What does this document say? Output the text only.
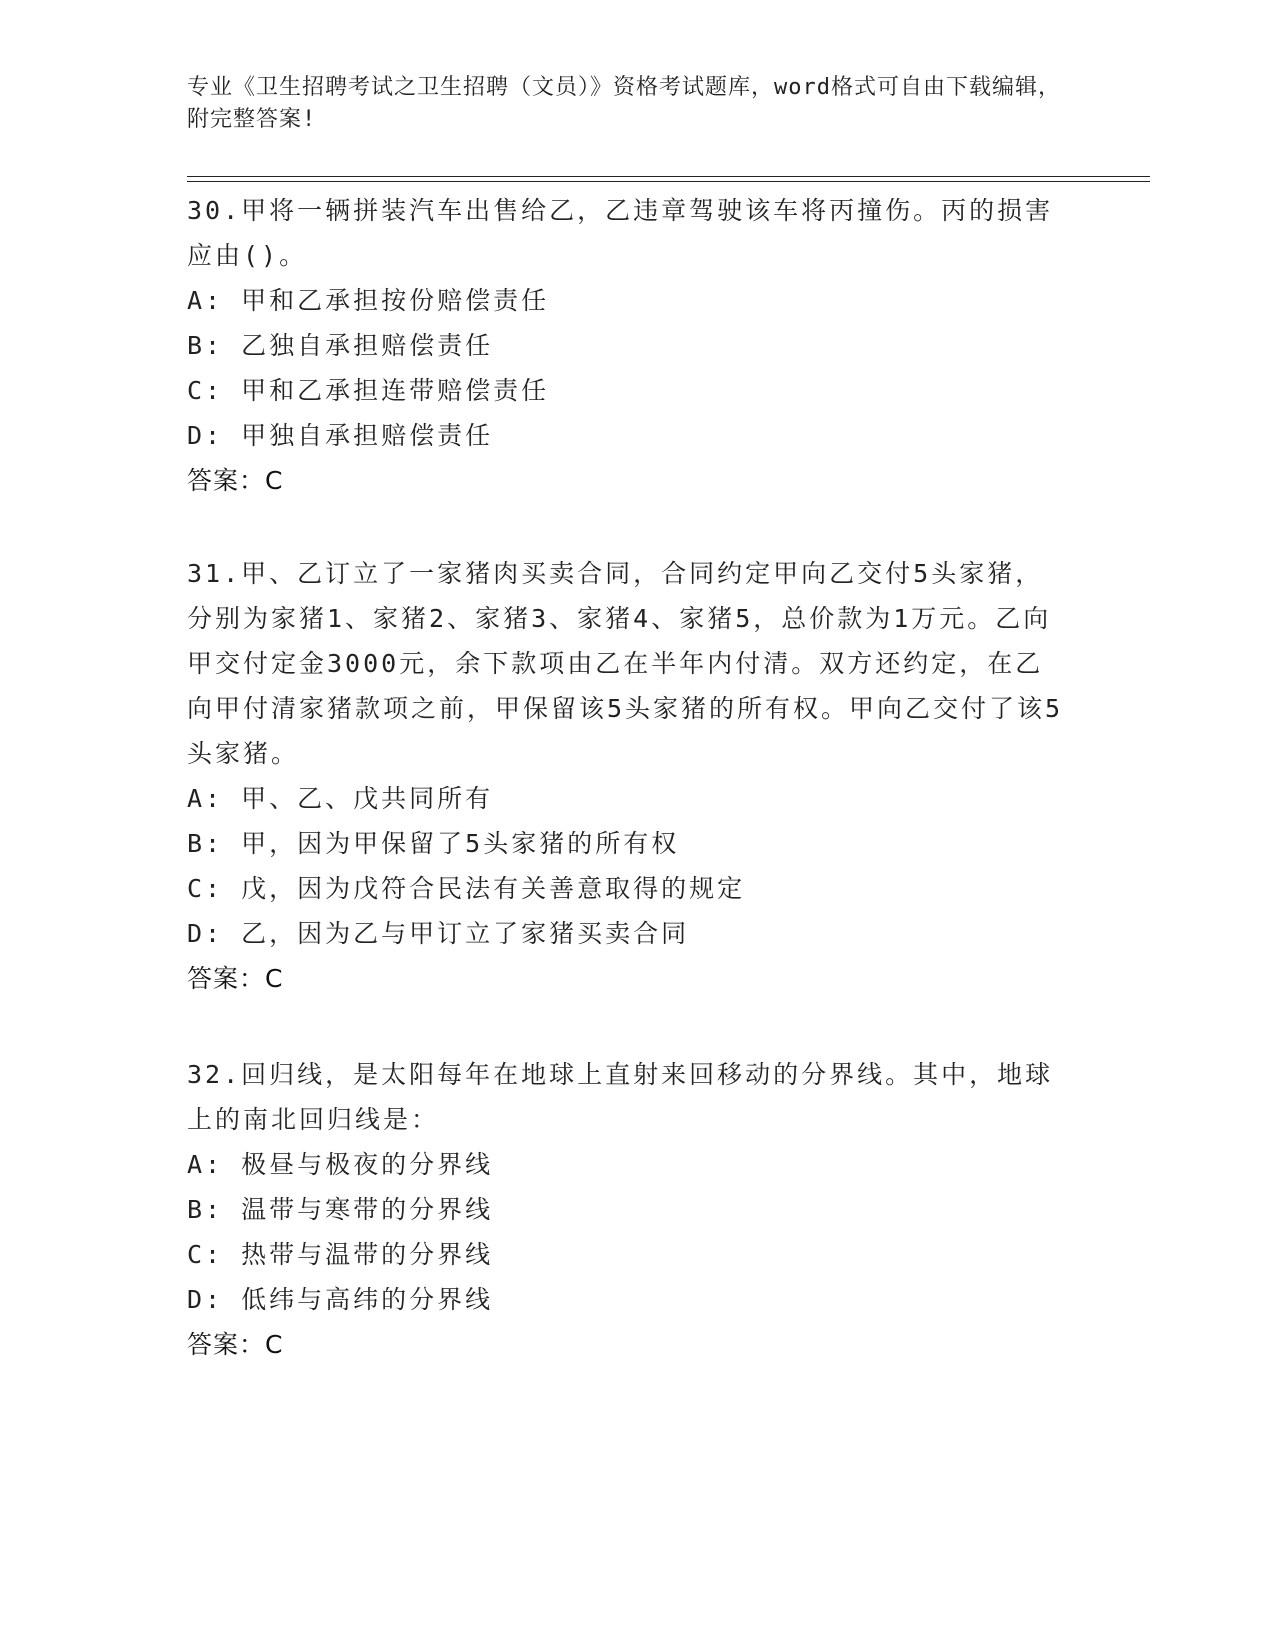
专业《卫生招聘考试之卫生招聘（文员）》资格考试题库，word格式可自由下载编辑，附完整答案!
30.甲将一辆拼装汽车出售给乙，乙违章驾驶该车将丙撞伤。丙的损害应由()。
A: 甲和乙承担按份赔偿责任
B: 乙独自承担赔偿责任
C: 甲和乙承担连带赔偿责任
D: 甲独自承担赔偿责任
答案：C
31.甲、乙订立了一家猪肉买卖合同，合同约定甲向乙交付5头家猪，分别为家猪1、家猪2、家猪3、家猪4、家猪5，总价款为1万元。乙向甲交付定金3000元，余下款项由乙在半年内付清。双方还约定，在乙向甲付清家猪款项之前，甲保留该5头家猪的所有权。甲向乙交付了该5头家猪。
A: 甲、乙、戊共同所有
B: 甲，因为甲保留了5头家猪的所有权
C: 戊，因为戊符合民法有关善意取得的规定
D: 乙，因为乙与甲订立了家猪买卖合同
答案：C
32.回归线，是太阳每年在地球上直射来回移动的分界线。其中，地球上的南北回归线是：
A: 极昼与极夜的分界线
B: 温带与寒带的分界线
C: 热带与温带的分界线
D: 低纬与高纬的分界线
答案：C
